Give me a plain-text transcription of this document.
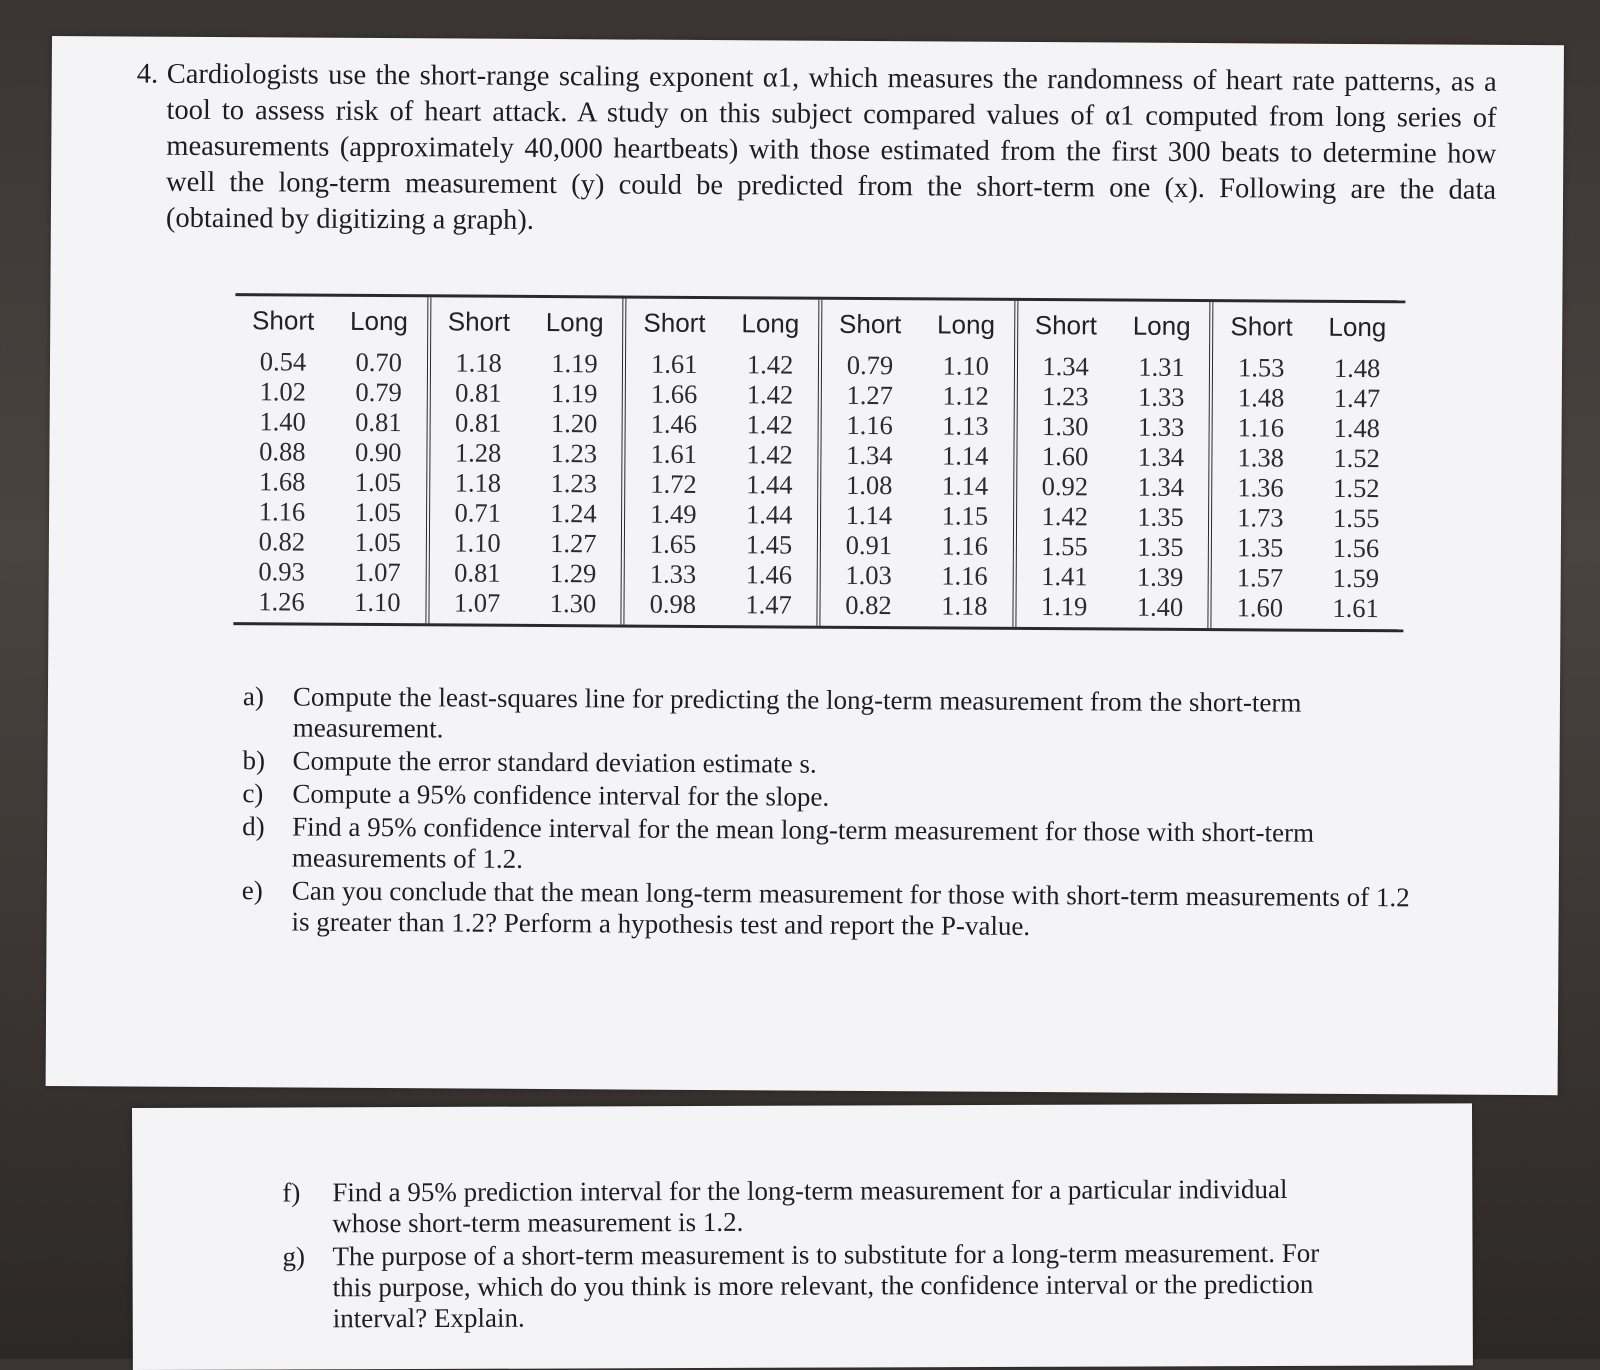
4. Cardiologists use the short-range scaling exponent α1, which measures the randomness of heart rate patterns, as a tool to assess risk of heart attack. A study on this subject compared values of α1 computed from long series of measurements (approximately 40,000 heartbeats) with those estimated from the first 300 beats to determine how well the long-term measurement (y) could be predicted from the short-term one (x). Following are the data (obtained by digitizing a graph).
Short
0.54
1.02
1.40
0.88
1.68
1.16
0.82
0.93
1.26
Long
0.70
0.79
0.81
0.90
1.05
1.05
1.05
1.07
1.10
Short
1.18
0.81
0.81
1.28
1.18
0.71
1.10
0.81
1.07
Long
1.19
1.19
1.20
1.23
1.23
1.24
1.27
1.29
1.30
Short
1.61
1.66
1.46
1.61
1.72
1.49
1.65
1.33
0.98
Long
1.42
1.42
1.42
1.42
1.44
1.44
1.45
1.46
1.47
Short
0.79
1.27
1.16
1.34
1.08
1.14
0.91
1.03
0.82
Long
1.10
1.12
1.13
1.14
1.14
1.15
1.16
1.16
1.18
Short
1.34
1.23
1.30
1.60
0.92
1.42
1.55
1.41
1.19
Long
1.31
1.33
1.33
1.34
1.34
1.35
1.35
1.39
1.40
Short
1.53
1.48
1.16
1.38
1.36
1.73
1.35
1.57
1.60
Long
1.48
1.47
1.48
1.52
1.52
1.55
1.56
1.59
1.61
a) Compute the least-squares line for predicting the long-term measurement from the short-term measurement.
b) Compute the error standard deviation estimate s.
c) Compute a 95% confidence interval for the slope.
d) Find a 95% confidence interval for the mean long-term measurement for those with short-term measurements of 1.2.
e) Can you conclude that the mean long-term measurement for those with short-term measurements of 1.2 is greater than 1.2? Perform a hypothesis test and report the P-value.
f) Find a 95% prediction interval for the long-term measurement for a particular individual whose short-term measurement is 1.2.
g) The purpose of a short-term measurement is to substitute for a long-term measurement. For this purpose, which do you think is more relevant, the confidence interval or the prediction interval? Explain.
